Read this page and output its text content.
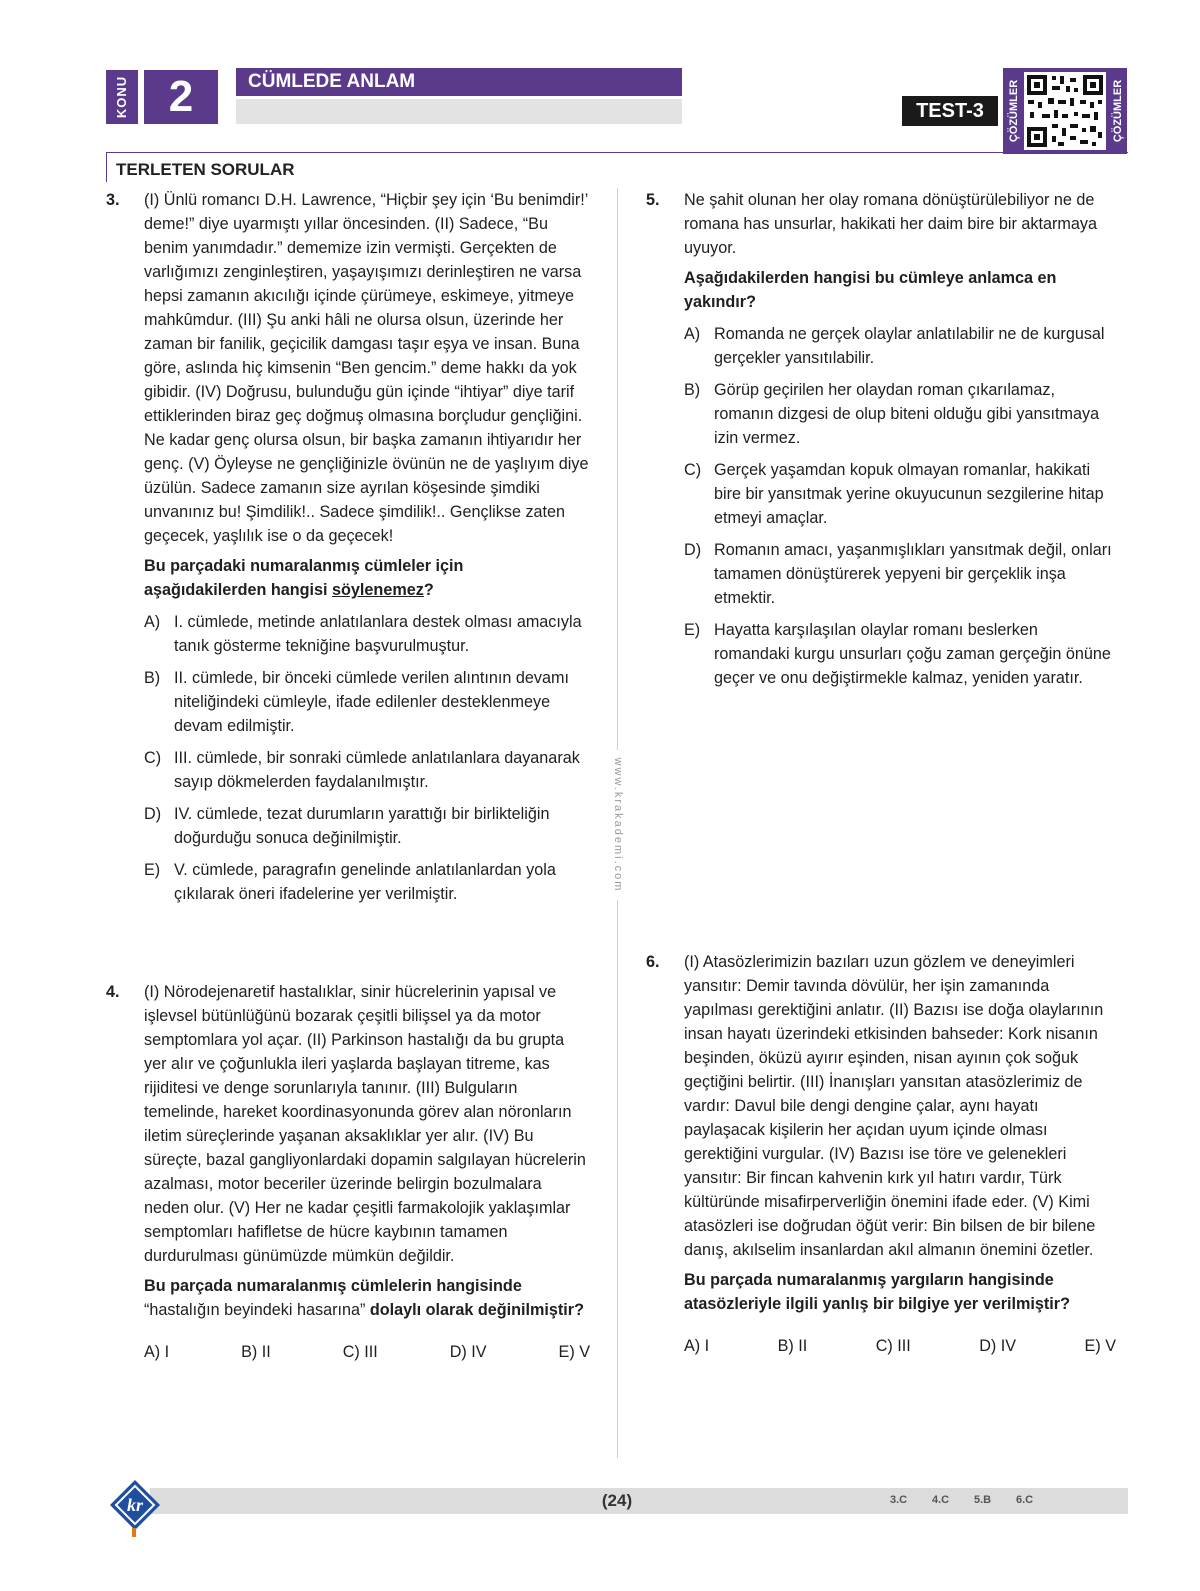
KONU 2	CÜMLEDE ANLAM
TEST-3	ÇÖZÜMLER	ÇÖZÜMLER
TERLETEN SORULAR
3. (I) Ünlü romancı D.H. Lawrence, “Hiçbir şey için ‘Bu benimdir!’ deme!” diye uyarmıştı yıllar öncesinden. (II) Sadece, “Bu benim yanımdadır.” dememize izin vermişti. Gerçekten de varlığımızı zenginleştiren, yaşayışımızı derinleştiren ne varsa hepsi zamanın akıcılığı içinde çürümeye, eskimeye, yitmeye mahkûmdur. (III) Şu anki hâli ne olursa olsun, üzerinde her zaman bir fanilik, geçicilik damgası taşır eşya ve insan. Buna göre, aslında hiç kimsenin “Ben gencim.” deme hakkı da yok gibidir. (IV) Doğrusu, bulunduğu gün içinde “ihtiyar” diye tarif ettiklerinden biraz geç doğmuş olmasına borçludur gençliğini. Ne kadar genç olursa olsun, bir başka zamanın ihtiyarıdır her genç. (V) Öyleyse ne gençliğinizle övünün ne de yaşlıyım diye üzülün. Sadece zamanın size ayrılan köşesinde şimdiki unvanınız bu! Şimdilik!.. Sadece şimdilik!.. Gençlikse zaten geçecek, yaşlılık ise o da geçecek!

Bu parçadaki numaralanmış cümleler için aşağıdakilerden hangisi söylenemez?

A) I. cümlede, metinde anlatılanlara destek olması amacıyla tanık gösterme tekniğine başvurulmuştur.

B) II. cümlede, bir önceki cümlede verilen alıntının devamı niteliğindeki cümleyle, ifade edilenler desteklenmeye devam edilmiştir.

C) III. cümlede, bir sonraki cümlede anlatılanlara dayanarak sayıp dökmelerden faydalanılmıştır.

D) IV. cümlede, tezat durumların yarattığı bir birlikteliğin doğurduğu sonuca değinilmiştir.

E) V. cümlede, paragrafın genelinde anlatılanlardan yola çıkılarak öneri ifadelerine yer verilmiştir.

4. (I) Nörodejenaretif hastalıklar, sinir hücrelerinin yapısal ve işlevsel bütünlüğünü bozarak çeşitli bilişsel ya da motor semptomlara yol açar. (II) Parkinson hastalığı da bu grupta yer alır ve çoğunlukla ileri yaşlarda başlayan titreme, kas rijiditesi ve denge sorunlarıyla tanınır. (III) Bulguların temelinde, hareket koordinasyonunda görev alan nöronların iletim süreçlerinde yaşanan aksaklıklar yer alır. (IV) Bu süreçte, bazal gangliyonlardaki dopamin salgılayan hücrelerin azalması, motor beceriler üzerinde belirgin bozulmalara neden olur. (V) Her ne kadar çeşitli farmakolojik yaklaşımlar semptomları hafifletse de hücre kaybının tamamen durdurulması günümüzde mümkün değildir.

Bu parçada numaralanmış cümlelerin hangisinde “hastalığın beyindeki hasarına” dolaylı olarak değinilmiştir?

A) I	B) II	C) III	D) IV	E) V
www.krakademi.com
5. Ne şahit olunan her olay romana dönüştürülebiliyor ne de romana has unsurlar, hakikati her daim bire bir aktarmaya uyuyor.

Aşağıdakilerden hangisi bu cümleye anlamca en yakındır?

A) Romanda ne gerçek olaylar anlatılabilir ne de kurgusal gerçekler yansıtılabilir.

B) Görüp geçirilen her olaydan roman çıkarılamaz, romanın dizgesi de olup biteni olduğu gibi yansıtmaya izin vermez.

C) Gerçek yaşamdan kopuk olmayan romanlar, hakikati bire bir yansıtmak yerine okuyucunun sezgilerine hitap etmeyi amaçlar.

D) Romanın amacı, yaşanmışlıkları yansıtmak değil, onları tamamen dönüştürerek yepyeni bir gerçeklik inşa etmektir.

E) Hayatta karşılaşılan olaylar romanı beslerken romandaki kurgu unsurları çoğu zaman gerçeğin önüne geçer ve onu değiştirmekle kalmaz, yeniden yaratır.

6. (I) Atasözlerimizin bazıları uzun gözlem ve deneyimleri yansıtır: Demir tavında dövülür, her işin zamanında yapılması gerektiğini anlatır. (II) Bazısı ise doğa olaylarının insan hayatı üzerindeki etkisinden bahseder: Kork nisanın beşinden, öküzü ayırır eşinden, nisan ayının çok soğuk geçtiğini belirtir. (III) İnanışları yansıtan atasözlerimiz de vardır: Davul bile dengi dengine çalar, aynı hayatı paylaşacak kişilerin her açıdan uyum içinde olması gerektiğini vurgular. (IV) Bazısı ise töre ve gelenekleri yansıtır: Bir fincan kahvenin kırk yıl hatırı vardır, Türk kültüründe misafirperverliğin önemini ifade eder. (V) Kimi atasözleri ise doğrudan öğüt verir: Bin bilsen de bir bilene danış, akılselim insanlardan akıl almanın önemini özetler.

Bu parçada numaralanmış yargıların hangisinde atasözleriyle ilgili yanlış bir bilgiye yer verilmiştir?

A) I	B) II	C) III	D) IV	E) V
kr	(24)	3.C 4.C 5.B 6.C
